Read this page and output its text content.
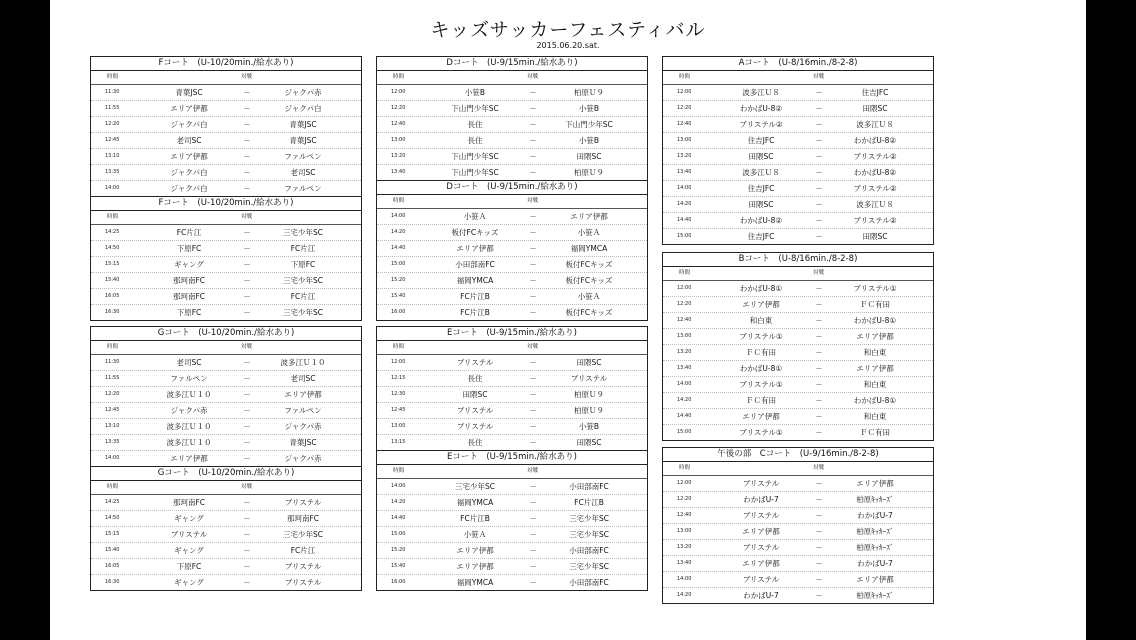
キッズサッカーフェスティバル
2015.06.20.sat.
Fコート　(U-10/20min./給水あり)
時間	対戦
11:30	青葉JSC	－	ジャクパ赤
11:55	エリア伊都	－	ジャクパ白
12:20	ジャクパ白	－	青葉JSC
12:45	老司SC	－	青葉JSC
13:10	エリア伊都	－	ファルペン
13:35	ジャクパ白	－	老司SC
14:00	ジャクパ白	－	ファルペン
Fコート　(U-10/20min./給水あり)
時間	対戦
14:25	FC片江	－	三宅少年SC
14:50	下原FC	－	FC片江
15:15	ギャング	－	下原FC
15:40	那珂南FC	－	三宅少年SC
16:05	那珂南FC	－	FC片江
16:30	下原FC	－	三宅少年SC
Dコート　(U-9/15min./給水あり)
時間	対戦
12:00	小笹B	－	柏原Ｕ９
12:20	下山門少年SC	－	小笹B
12:40	長住	－	下山門少年SC
13:00	長住	－	小笹B
13:20	下山門少年SC	－	田隈SC
13:40	下山門少年SC	－	柏原Ｕ９
Dコート　(U-9/15min./給水あり)
時間	対戦
14:00	小笹Ａ	－	エリア伊都
14:20	板付FCキッズ	－	小笹Ａ
14:40	エリア伊都	－	福岡YMCA
15:00	小田部南FC	－	板付FCキッズ
15:20	福岡YMCA	－	板付FCキッズ
15:40	FC片江B	－	小笹Ａ
16:00	FC片江B	－	板付FCキッズ
Aコート　(U-8/16min./8-2-8)
時間	対戦
12:00	波多江Ｕ８	－	住吉JFC
12:20	わかばU-8②	－	田隈SC
12:40	ブリステル②	－	波多江Ｕ８
13:00	住吉JFC	－	わかばU-8②
13:20	田隈SC	－	ブリステル②
13:40	波多江Ｕ８	－	わかばU-8②
14:00	住吉JFC	－	ブリステル②
14:20	田隈SC	－	波多江Ｕ８
14:40	わかばU-8②	－	ブリステル②
15:00	住吉JFC	－	田隈SC
Bコート　(U-8/16min./8-2-8)
時間	対戦
12:00	わかばU-8①	－	ブリステル①
12:20	エリア伊都	－	ＦＣ有田
12:40	和白東	－	わかばU-8①
13:00	ブリステル①	－	エリア伊都
13:20	ＦＣ有田	－	和白東
13:40	わかばU-8①	－	エリア伊都
14:00	ブリステル①	－	和白東
14:20	ＦＣ有田	－	わかばU-8①
14:40	エリア伊都	－	和白東
15:00	ブリステル①	－	ＦＣ有田
Gコート　(U-10/20min./給水あり)
時間	対戦
11:30	老司SC	－	波多江Ｕ１０
11:55	ファルペン	－	老司SC
12:20	波多江Ｕ１０	－	エリア伊都
12:45	ジャクパ赤	－	ファルペン
13:10	波多江Ｕ１０	－	ジャクパ赤
13:35	波多江Ｕ１０	－	青葉JSC
14:00	エリア伊都	－	ジャクパ赤
Gコート　(U-10/20min./給水あり)
時間	対戦
14:25	那珂南FC	－	ブリステル
14:50	ギャング	－	那珂南FC
15:15	ブリステル	－	三宅少年SC
15:40	ギャング	－	FC片江
16:05	下原FC	－	ブリステル
16:30	ギャング	－	ブリステル
Eコート　(U-9/15min./給水あり)
時間	対戦
12:00	ブリステル	－	田隈SC
12:15	長住	－	ブリステル
12:30	田隈SC	－	柏原Ｕ９
12:45	ブリステル	－	柏原Ｕ９
13:00	ブリステル	－	小笹B
13:15	長住	－	田隈SC
Eコート　(U-9/15min./給水あり)
時間	対戦
14:00	三宅少年SC	－	小田部南FC
14:20	福岡YMCA	－	FC片江B
14:40	FC片江B	－	三宅少年SC
15:00	小笹Ａ	－	三宅少年SC
15:20	エリア伊都	－	小田部南FC
15:40	エリア伊都	－	三宅少年SC
16:00	福岡YMCA	－	小田部南FC
午後の部　Cコート　(U-9/16min./8-2-8)
時間	対戦
12:00	ブリステル	－	エリア伊都
12:20	わかばU-7	－	柏原ｷｯｶｰｽﾞ
12:40	ブリステル	－	わかばU-7
13:00	エリア伊都	－	柏原ｷｯｶｰｽﾞ
13:20	ブリステル	－	柏原ｷｯｶｰｽﾞ
13:40	エリア伊都	－	わかばU-7
14:00	ブリステル	－	エリア伊都
14:20	わかばU-7	－	柏原ｷｯｶｰｽﾞ
